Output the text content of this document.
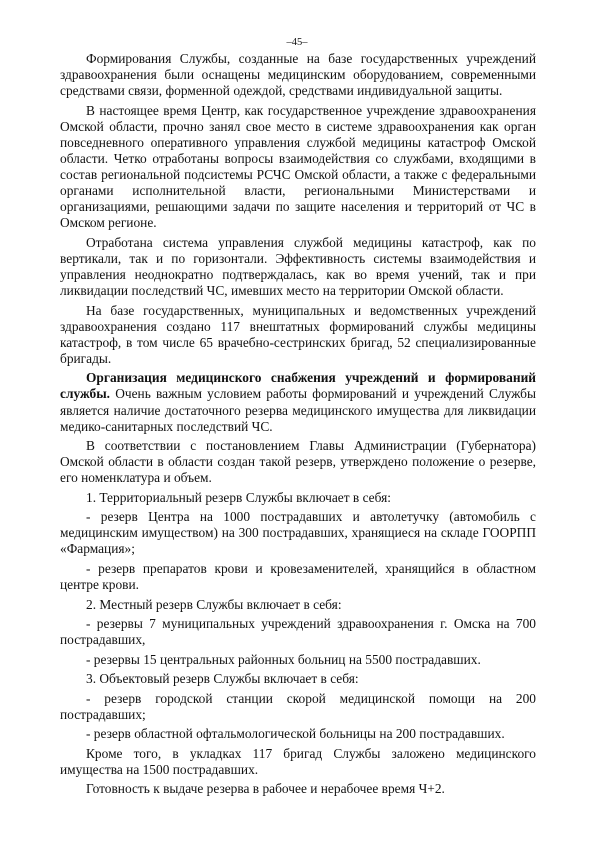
–45–

Формирования Службы, созданные на базе государственных учреждений здравоохранения были оснащены медицинским оборудованием, современными средствами связи, форменной одеждой, средствами индивидуальной защиты.

В настоящее время Центр, как государственное учреждение здравоохранения Омской области, прочно занял свое место в системе здравоохранения как орган повседневного оперативного управления службой медицины катастроф Омской области. Четко отработаны вопросы взаимодействия со службами, входящими в состав региональной подсистемы РСЧС Омской области, а также с федеральными органами исполнительной власти, региональными Министерствами и организациями, решающими задачи по защите населения и территорий от ЧС в Омском регионе.

Отработана система управления службой медицины катастроф, как по вертикали, так и по горизонтали. Эффективность системы взаимодействия и управления неоднократно подтверждалась, как во время учений, так и при ликвидации последствий ЧС, имевших место на территории Омской области.

На базе государственных, муниципальных и ведомственных учреждений здравоохранения создано 117 внештатных формирований службы медицины катастроф, в том числе 65 врачебно-сестринских бригад, 52 специализированные бригады.

Организация медицинского снабжения учреждений и формирований службы. Очень важным условием работы формирований и учреждений Службы является наличие достаточного резерва медицинского имущества для ликвидации медико-санитарных последствий ЧС.

В соответствии с постановлением Главы Администрации (Губернатора) Омской области в области создан такой резерв, утверждено положение о резерве, его номенклатура и объем.

1. Территориальный резерв Службы включает в себя:

- резерв Центра на 1000 пострадавших и автолетучку (автомобиль с медицинским имуществом) на 300 пострадавших, хранящиеся на складе ГООРПП «Фармация»;

- резерв препаратов крови и кровезаменителей, хранящийся в областном центре крови.

2. Местный резерв Службы включает в себя:

- резервы 7 муниципальных учреждений здравоохранения г. Омска на 700 пострадавших,

- резервы 15 центральных районных больниц на 5500 пострадавших.

3. Объектовый резерв Службы включает в себя:

- резерв городской станции скорой медицинской помощи на 200 пострадавших;

- резерв областной офтальмологической больницы на 200 пострадавших.

Кроме того, в укладках 117 бригад Службы заложено медицинского имущества на 1500 пострадавших.

Готовность к выдаче резерва в рабочее и нерабочее время Ч+2.
